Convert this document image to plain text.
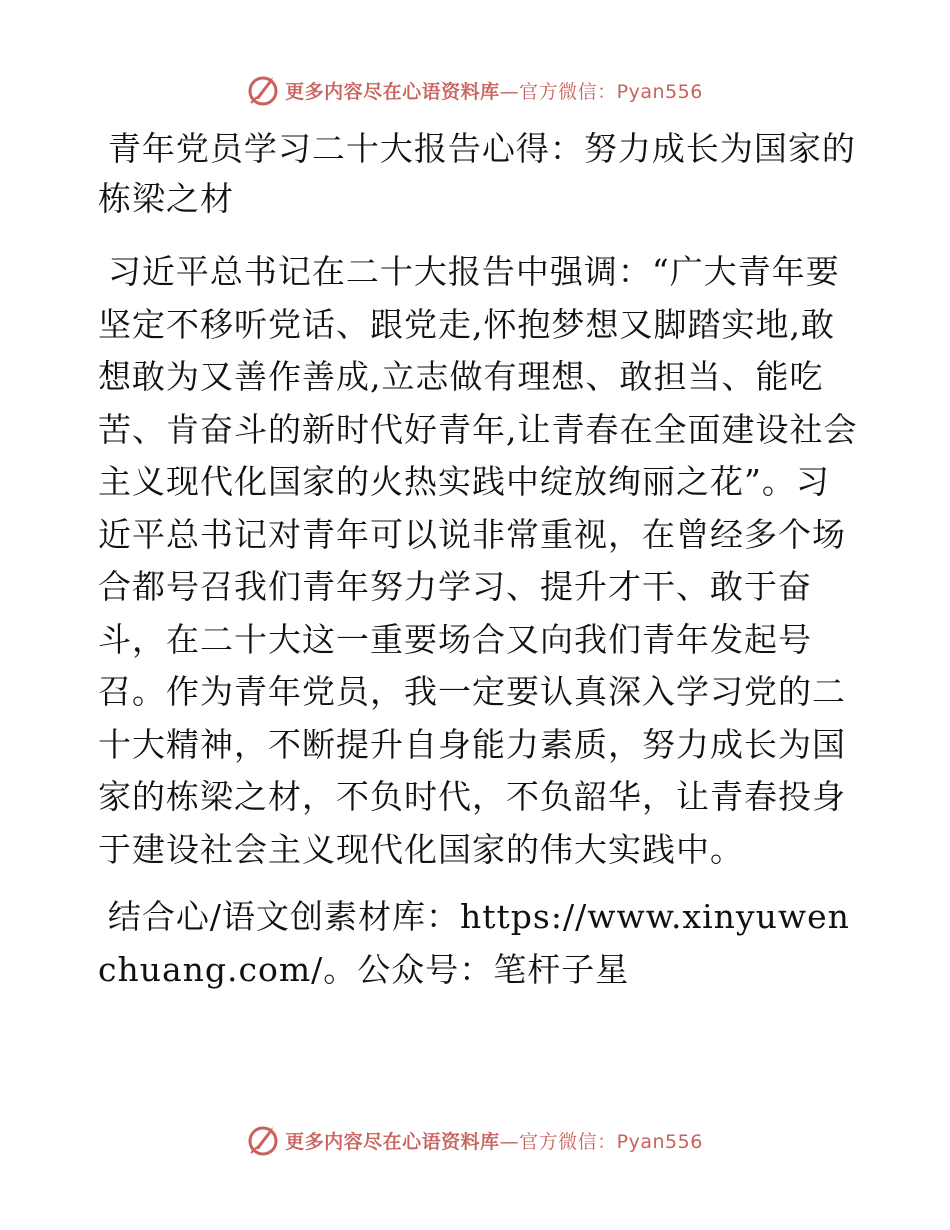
更多内容尽在心语资料库—官方微信：Pyan556
青年党员学习二十大报告心得：努力成长为国家的栋梁之材

习近平总书记在二十大报告中强调：“广大青年要坚定不移听党话、跟党走,怀抱梦想又脚踏实地,敢想敢为又善作善成,立志做有理想、敢担当、能吃苦、肯奋斗的新时代好青年,让青春在全面建设社会主义现代化国家的火热实践中绽放绚丽之花”。习近平总书记对青年可以说非常重视，在曾经多个场合都号召我们青年努力学习、提升才干、敢于奋斗，在二十大这一重要场合又向我们青年发起号召。作为青年党员，我一定要认真深入学习党的二十大精神，不断提升自身能力素质，努力成长为国家的栋梁之材，不负时代，不负韶华，让青春投身于建设社会主义现代化国家的伟大实践中。

结合心/语文创素材库：https://www.xinyuwenchuang.com/。公众号：笔杆子星

更多内容尽在心语资料库—官方微信：Pyan556
